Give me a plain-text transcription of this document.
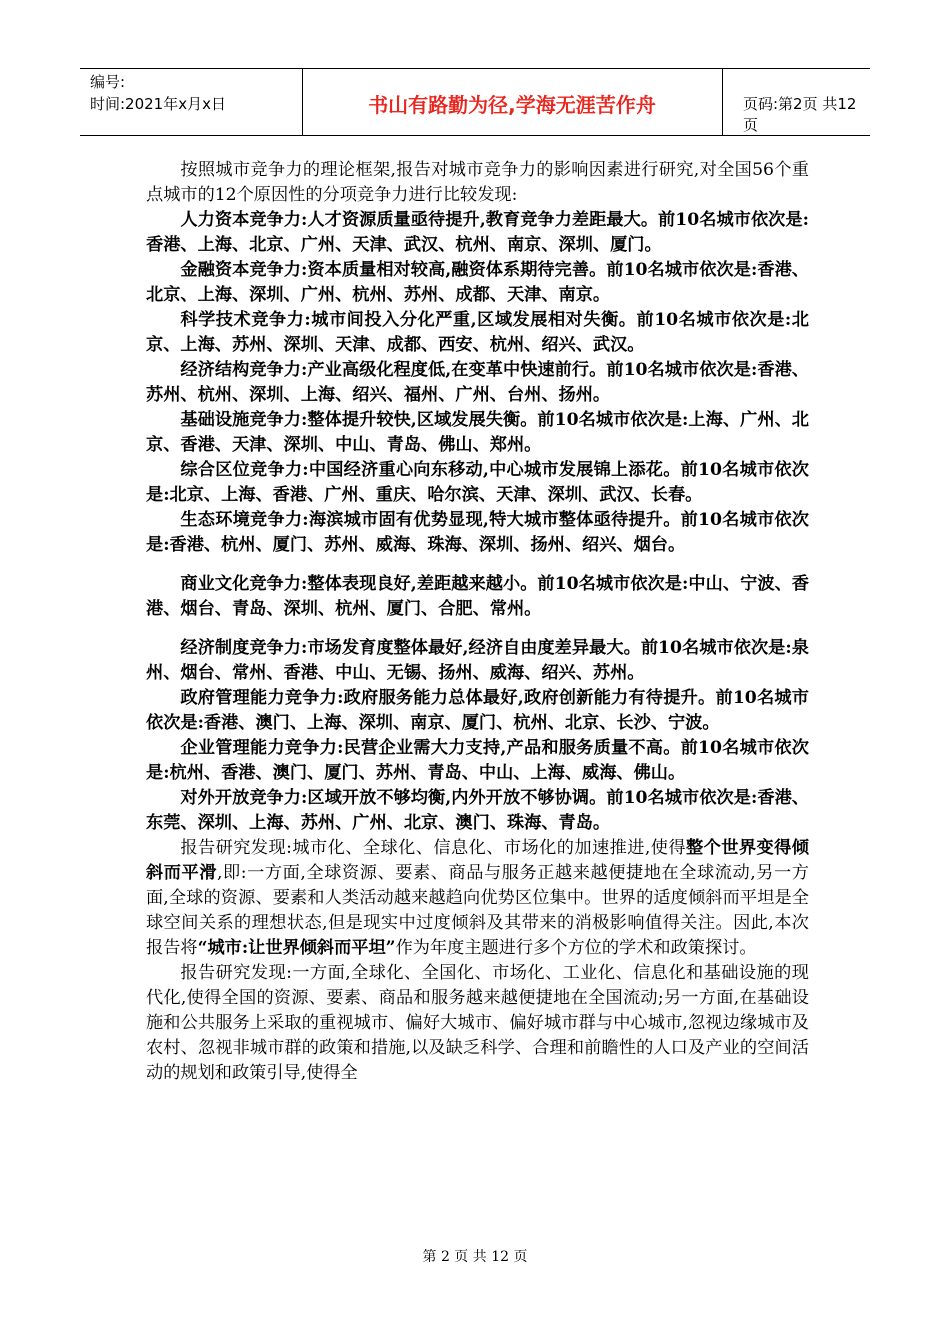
编号:
时间:2021年x月x日	书山有路勤为径,学海无涯苦作舟	页码:第2页 共12页

按照城市竞争力的理论框架,报告对城市竞争力的影响因素进行研究,对全国56个重点城市的12个原因性的分项竞争力进行比较发现:

人力资本竞争力:人才资源质量亟待提升,教育竞争力差距最大。前10名城市依次是:香港、上海、北京、广州、天津、武汉、杭州、南京、深圳、厦门。

金融资本竞争力:资本质量相对较高,融资体系期待完善。前10名城市依次是:香港、北京、上海、深圳、广州、杭州、苏州、成都、天津、南京。

科学技术竞争力:城市间投入分化严重,区域发展相对失衡。前10名城市依次是:北京、上海、苏州、深圳、天津、成都、西安、杭州、绍兴、武汉。

经济结构竞争力:产业高级化程度低,在变革中快速前行。前10名城市依次是:香港、苏州、杭州、深圳、上海、绍兴、福州、广州、台州、扬州。

基础设施竞争力:整体提升较快,区域发展失衡。前10名城市依次是:上海、广州、北京、香港、天津、深圳、中山、青岛、佛山、郑州。

综合区位竞争力:中国经济重心向东移动,中心城市发展锦上添花。前10名城市依次是:北京、上海、香港、广州、重庆、哈尔滨、天津、深圳、武汉、长春。

生态环境竞争力:海滨城市固有优势显现,特大城市整体亟待提升。前10名城市依次是:香港、杭州、厦门、苏州、威海、珠海、深圳、扬州、绍兴、烟台。

商业文化竞争力:整体表现良好,差距越来越小。前10名城市依次是:中山、宁波、香港、烟台、青岛、深圳、杭州、厦门、合肥、常州。

经济制度竞争力:市场发育度整体最好,经济自由度差异最大。前10名城市依次是:泉州、烟台、常州、香港、中山、无锡、扬州、威海、绍兴、苏州。

政府管理能力竞争力:政府服务能力总体最好,政府创新能力有待提升。前10名城市依次是:香港、澳门、上海、深圳、南京、厦门、杭州、北京、长沙、宁波。

企业管理能力竞争力:民营企业需大力支持,产品和服务质量不高。前10名城市依次是:杭州、香港、澳门、厦门、苏州、青岛、中山、上海、威海、佛山。

对外开放竞争力:区域开放不够均衡,内外开放不够协调。前10名城市依次是:香港、东莞、深圳、上海、苏州、广州、北京、澳门、珠海、青岛。

报告研究发现:城市化、全球化、信息化、市场化的加速推进,使得整个世界变得倾斜而平滑,即:一方面,全球资源、要素、商品与服务正越来越便捷地在全球流动,另一方面,全球的资源、要素和人类活动越来越趋向优势区位集中。世界的适度倾斜而平坦是全球空间关系的理想状态,但是现实中过度倾斜及其带来的消极影响值得关注。因此,本次报告将“城市:让世界倾斜而平坦”作为年度主题进行多个方位的学术和政策探讨。

报告研究发现:一方面,全球化、全国化、市场化、工业化、信息化和基础设施的现代化,使得全国的资源、要素、商品和服务越来越便捷地在全国流动;另一方面,在基础设施和公共服务上采取的重视城市、偏好大城市、偏好城市群与中心城市,忽视边缘城市及农村、忽视非城市群的政策和措施,以及缺乏科学、合理和前瞻性的人口及产业的空间活动的规划和政策引导,使得全

第 2 页 共 12 页
